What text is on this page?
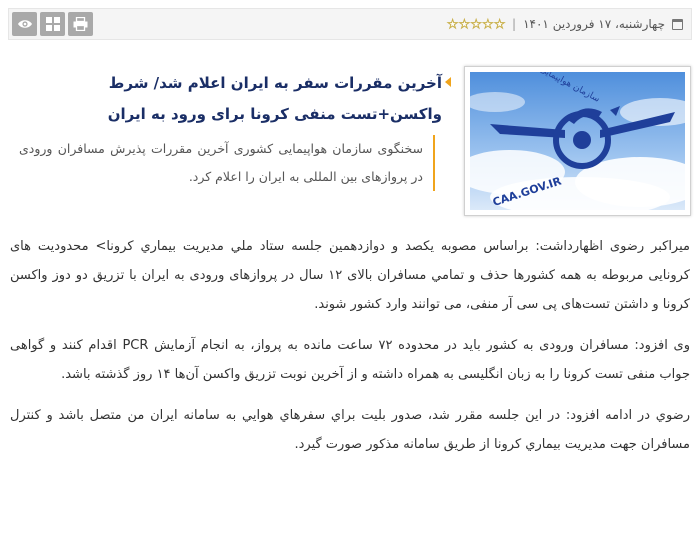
چهارشنبه، ۱۷ فروردین ۱۴۰۱
|
★ ★ ★ ★ ★
CAA.GOV.IR
آخرین مقررات سفر به ایران اعلام شد/ شرط واکسن+تست منفی کرونا برای ورود به ایران
سخنگوی سازمان هواپیمایی کشوری آخرین مقررات پذیرش مسافران ورودی در پروازهای بین المللی به ایران را اعلام کرد.

میراکبر رضوی اظهارداشت: براساس مصوبه یکصد و دوازدهمین جلسه ستاد ملي مديريت بيماري كرونا> محدودیت های کرونایی مربوطه به همه کشورها حذف و تمامي مسافران بالای ۱۲ سال در پروازهای ورودی به ایران با تزریق دو دوز واکسن کرونا و داشتن تست‌های پی سی آر منفی، می توانند وارد کشور شوند.

وی افزود: مسافران ورودی به کشور باید در محدوده ۷۲ ساعت مانده به پرواز، به انجام آزمایش PCR اقدام کنند و گواهی جواب منفی تست کرونا را به زبان انگلیسی به همراه داشته و از آخرین نوبت تزریق واکسن آن‌ها ۱۴ روز گذشته باشد.

رضوي در ادامه افزود: در اين جلسه مقرر شد، صدور بليت براي سفرهاي هوايي به سامانه ایران من متصل باشد و کنترل مسافران جهت مديريت بيماري كرونا از طريق سامانه مذكور صورت گيرد.
